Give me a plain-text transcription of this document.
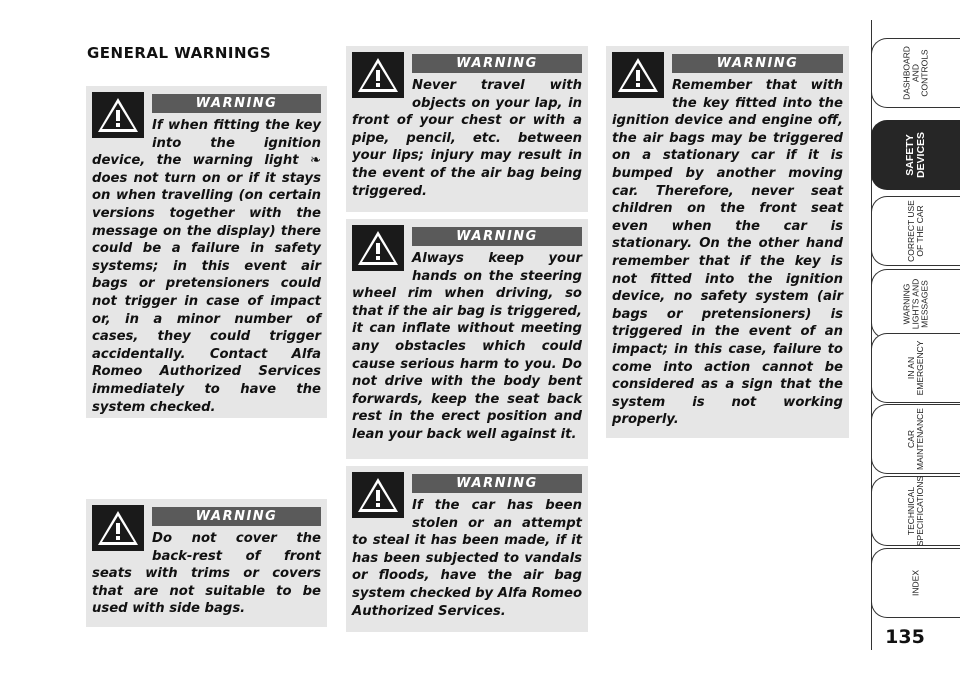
GENERAL WARNINGS
WARNING

If when fitting the key into the ignition device, the warning light ❧ does not turn on or if it stays on when travelling (on certain versions together with the message on the display) there could be a failure in safety systems; in this event air bags or pretensioners could not trigger in case of impact or, in a minor number of cases, they could trigger accidentally. Contact Alfa Romeo Authorized Services immediately to have the system checked.

WARNING

Do not cover the back-rest of front seats with trims or covers that are not suitable to be used with side bags.

WARNING

Never travel with objects on your lap, in front of your chest or with a pipe, pencil, etc. between your lips; injury may result in the event of the air bag being triggered.

WARNING

Always keep your hands on the steering wheel rim when driving, so that if the air bag is triggered, it can inflate without meeting any obstacles which could cause serious harm to you. Do not drive with the body bent forwards, keep the seat back rest in the erect position and lean your back well against it.

WARNING

If the car has been stolen or an attempt to steal it has been made, if it has been subjected to vandals or floods, have the air bag system checked by Alfa Romeo Authorized Services.

WARNING

Remember that with the key fitted into the ignition device and engine off, the air bags may be triggered on a stationary car if it is bumped by another moving car. Therefore, never seat children on the front seat even when the car is stationary. On the other hand remember that if the key is not fitted into the ignition device, no safety system (air bags or pretensioners) is triggered in the event of an impact; in this case, failure to come into action cannot be considered as a sign that the system is not working properly.

DASHBOARD
AND
CONTROLS
SAFETY
DEVICES
CORRECT USE
OF THE CAR
WARNING
LIGHTS AND
MESSAGES
IN AN
EMERGENCY
CAR
MAINTENANCE
TECHNICAL
SPECIFICATIONS
INDEX
135
